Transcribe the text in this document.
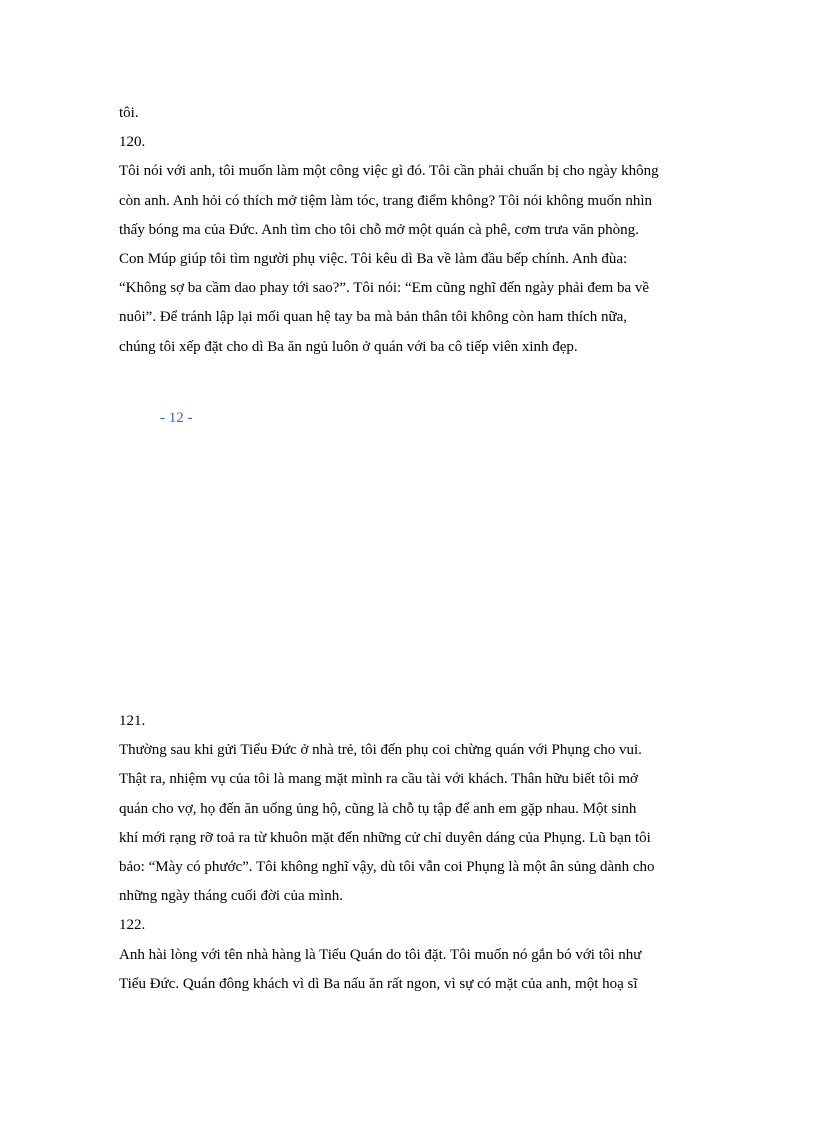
tôi.
120.
Tôi nói với anh, tôi muốn làm một công việc gì đó. Tôi cần phải chuẩn bị cho ngày không
còn anh. Anh hỏi có thích mở tiệm làm tóc, trang điểm không? Tôi nói không muốn nhìn
thấy bóng ma của Đức. Anh tìm cho tôi chỗ mở một quán cà phê, cơm trưa văn phòng.
Con Múp giúp tôi tìm người phụ việc. Tôi kêu dì Ba về làm đầu bếp chính. Anh đùa:
“Không sợ ba cầm dao phay tới sao?”. Tôi nói: “Em cũng nghĩ đến ngày phải đem ba về
nuôi”. Để tránh lập lại mối quan hệ tay ba mà bản thân tôi không còn ham thích nữa,
chúng tôi xếp đặt cho dì Ba ăn ngủ luôn ở quán với ba cô tiếp viên xinh đẹp.
- 12 -
121.
Thường sau khi gửi Tiểu Đức ở nhà trẻ, tôi đến phụ coi chừng quán với Phụng cho vui.
Thật ra, nhiệm vụ của tôi là mang mặt mình ra cầu tài với khách. Thân hữu biết tôi mở
quán cho vợ, họ đến ăn uống ủng hộ, cũng là chỗ tụ tập để anh em gặp nhau. Một sinh
khí mới rạng rỡ toả ra từ khuôn mặt đến những cử chỉ duyên dáng của Phụng. Lũ bạn tôi
bảo: “Mày có phước”. Tôi không nghĩ vậy, dù tôi vẫn coi Phụng là một ân sủng dành cho
những ngày tháng cuối đời của mình.
122.
Anh hài lòng với tên nhà hàng là Tiểu Quán do tôi đặt. Tôi muốn nó gắn bó với tôi như
Tiểu Đức. Quán đông khách vì dì Ba nấu ăn rất ngon, vì sự có mặt của anh, một hoạ sĩ
